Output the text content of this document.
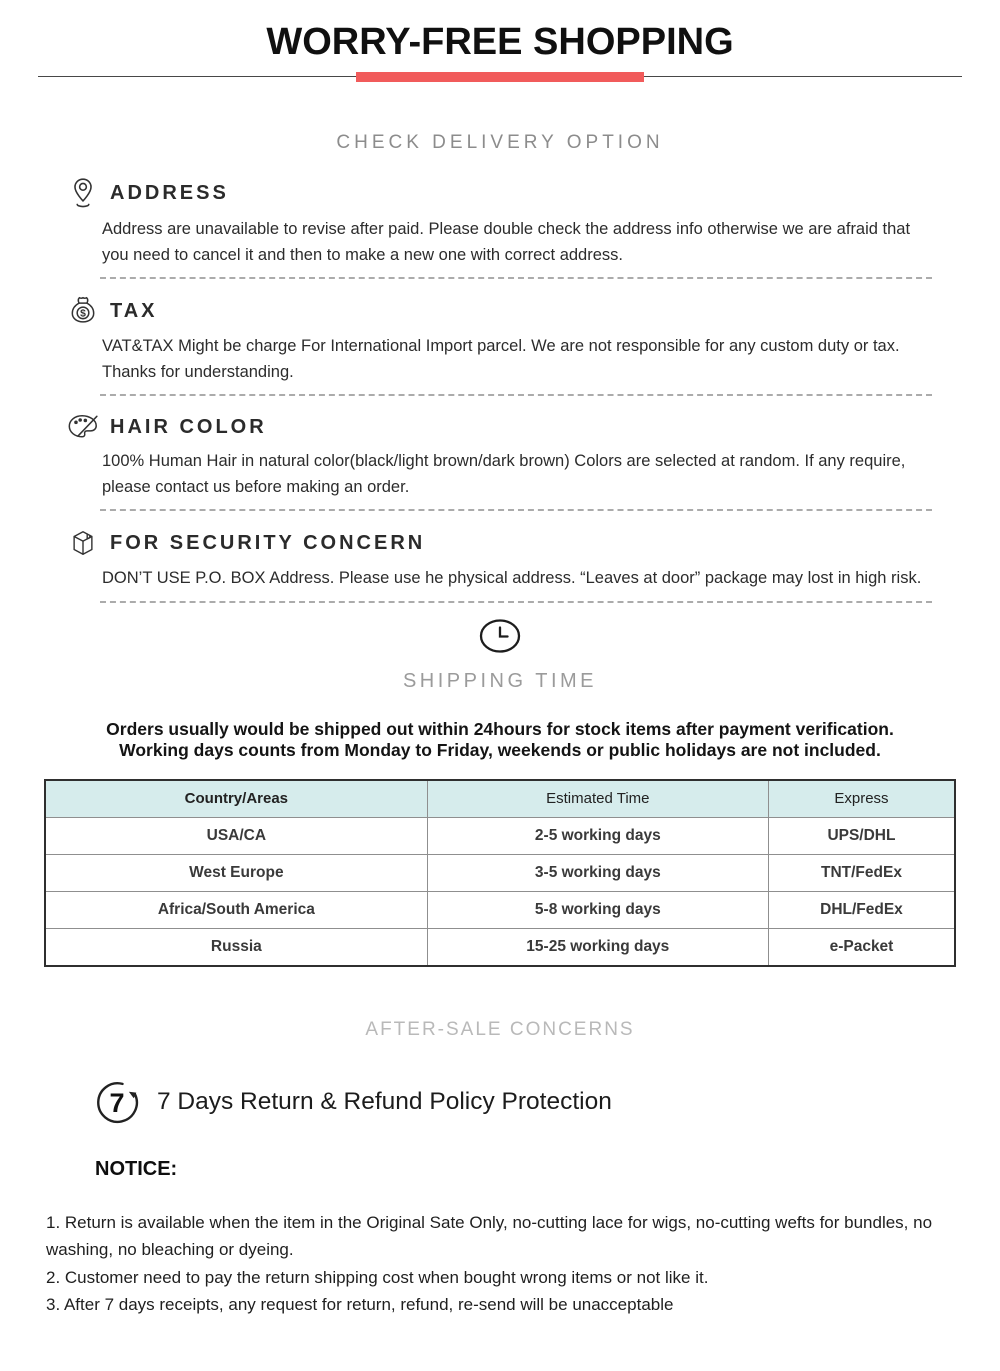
WORRY-FREE SHOPPING
CHECK DELIVERY OPTION
ADDRESS
Address are unavailable to revise after paid. Please double check the address info otherwise we are afraid that you need to cancel it and then to make a new one with correct address.
$ TAX
VAT&TAX Might be charge For International Import parcel. We are not responsible for any custom duty or tax. Thanks for understanding.
HAIR COLOR
100% Human Hair in natural color(black/light brown/dark brown) Colors are selected at random. If any require, please contact us before making an order.
FOR SECURITY CONCERN
DON’T USE P.O. BOX Address. Please use he physical address. “Leaves at door” package may lost in high risk.
SHIPPING TIME
Orders usually would be shipped out within 24hours for stock items after payment verification.
Working days counts from Monday to Friday, weekends or public holidays are not included.
Country/Areas	Estimated Time	Express
USA/CA	2-5 working days	UPS/DHL
West Europe	3-5 working days	TNT/FedEx
Africa/South America	5-8 working days	DHL/FedEx
Russia	15-25 working days	e-Packet
AFTER-SALE CONCERNS
7 7 Days Return & Refund Policy Protection
NOTICE:

1. Return is available when the item in the Original Sate Only, no-cutting lace for wigs, no-cutting wefts for bundles, no washing, no bleaching or dyeing.

2. Customer need to pay the return shipping cost when bought wrong items or not like it.

3. After 7 days receipts, any request for return, refund, re-send will be unacceptable
